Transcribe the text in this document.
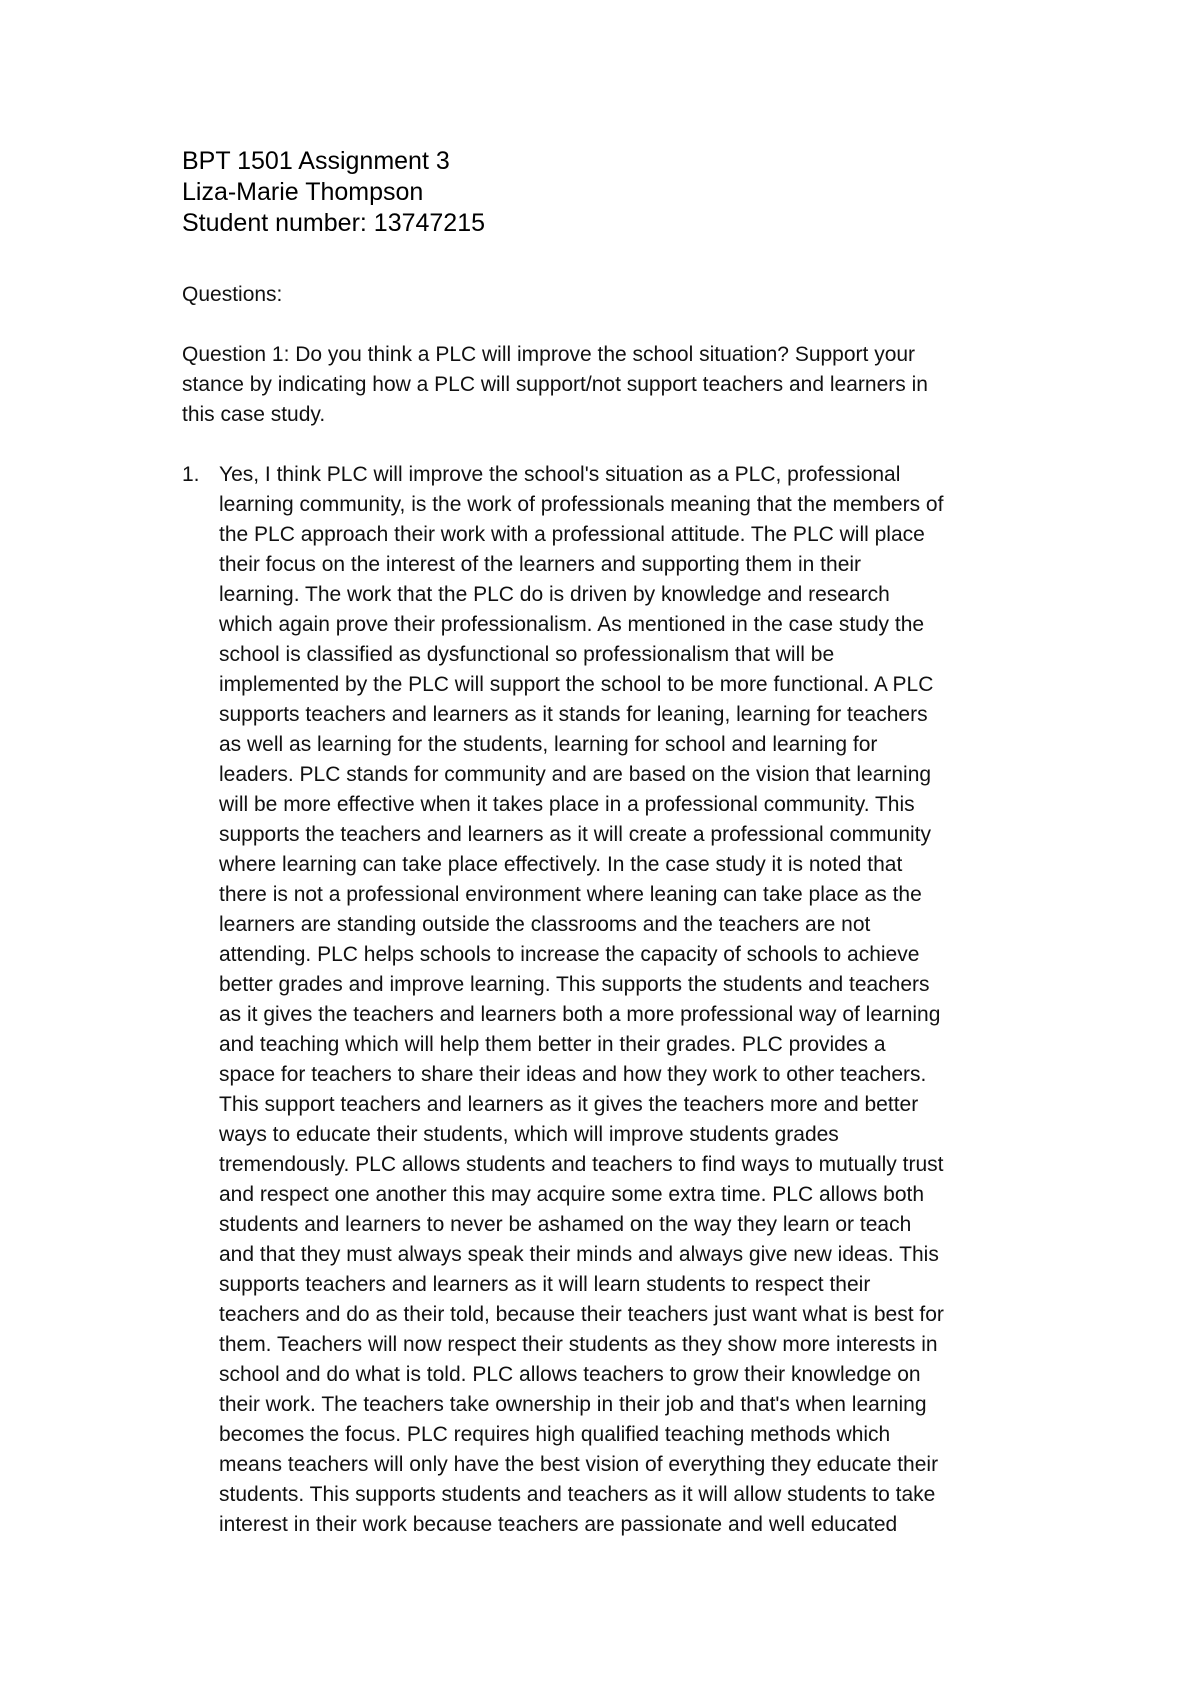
BPT 1501 Assignment 3
Liza-Marie Thompson
Student number: 13747215
Questions:
Question 1: Do you think a PLC will improve the school situation? Support your
stance by indicating how a PLC will support/not support teachers and learners in
this case study.
1. Yes, I think PLC will improve the school's situation as a PLC, professional
learning community, is the work of professionals meaning that the members of
the PLC approach their work with a professional attitude. The PLC will place
their focus on the interest of the learners and supporting them in their
learning. The work that the PLC do is driven by knowledge and research
which again prove their professionalism. As mentioned in the case study the
school is classified as dysfunctional so professionalism that will be
implemented by the PLC will support the school to be more functional. A PLC
supports teachers and learners as it stands for leaning, learning for teachers
as well as learning for the students, learning for school and learning for
leaders. PLC stands for community and are based on the vision that learning
will be more effective when it takes place in a professional community. This
supports the teachers and learners as it will create a professional community
where learning can take place effectively. In the case study it is noted that
there is not a professional environment where leaning can take place as the
learners are standing outside the classrooms and the teachers are not
attending. PLC helps schools to increase the capacity of schools to achieve
better grades and improve learning. This supports the students and teachers
as it gives the teachers and learners both a more professional way of learning
and teaching which will help them better in their grades. PLC provides a
space for teachers to share their ideas and how they work to other teachers.
This support teachers and learners as it gives the teachers more and better
ways to educate their students, which will improve students grades
tremendously. PLC allows students and teachers to find ways to mutually trust
and respect one another this may acquire some extra time. PLC allows both
students and learners to never be ashamed on the way they learn or teach
and that they must always speak their minds and always give new ideas. This
supports teachers and learners as it will learn students to respect their
teachers and do as their told, because their teachers just want what is best for
them. Teachers will now respect their students as they show more interests in
school and do what is told. PLC allows teachers to grow their knowledge on
their work. The teachers take ownership in their job and that's when learning
becomes the focus. PLC requires high qualified teaching methods which
means teachers will only have the best vision of everything they educate their
students. This supports students and teachers as it will allow students to take
interest in their work because teachers are passionate and well educated
